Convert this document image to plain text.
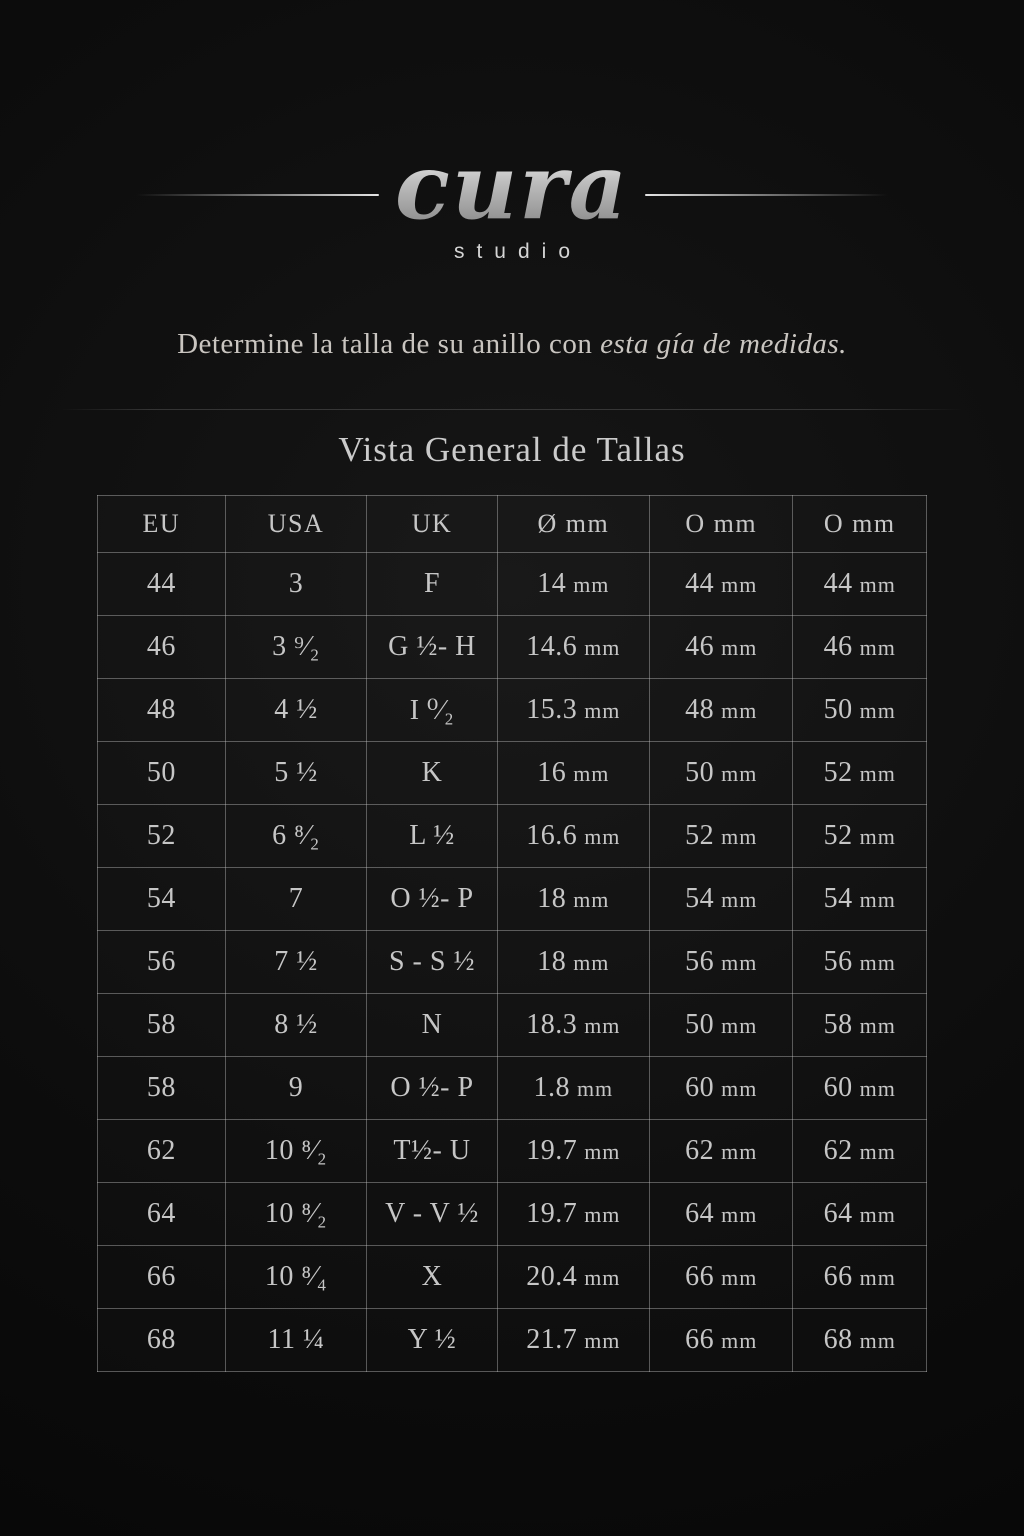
cura
studio
Determine la talla de su anillo con esta gía de medidas.
Vista General de Tallas
EU	USA	UK	Ø mm	O mm	O mm
44	3	F	14 mm	44 mm	44 mm
46	3 ⁹⁄₂	G ½- H	14.6 mm	46 mm	46 mm
48	4 ½	I ⁰⁄₂	15.3 mm	48 mm	50 mm
50	5 ½	K	16 mm	50 mm	52 mm
52	6 ⁸⁄₂	L ½	16.6 mm	52 mm	52 mm
54	7	O ½- P	18 mm	54 mm	54 mm
56	7 ½	S - S ½	18 mm	56 mm	56 mm
58	8 ½	N	18.3 mm	50 mm	58 mm
58	9	O ½- P	1.8 mm	60 mm	60 mm
62	10 ⁸⁄₂	T½- U	19.7 mm	62 mm	62 mm
64	10 ⁸⁄₂	V - V ½	19.7 mm	64 mm	64 mm
66	10 ⁸⁄₄	X	20.4 mm	66 mm	66 mm
68	11 ¼	Y ½	21.7 mm	66 mm	68 mm
